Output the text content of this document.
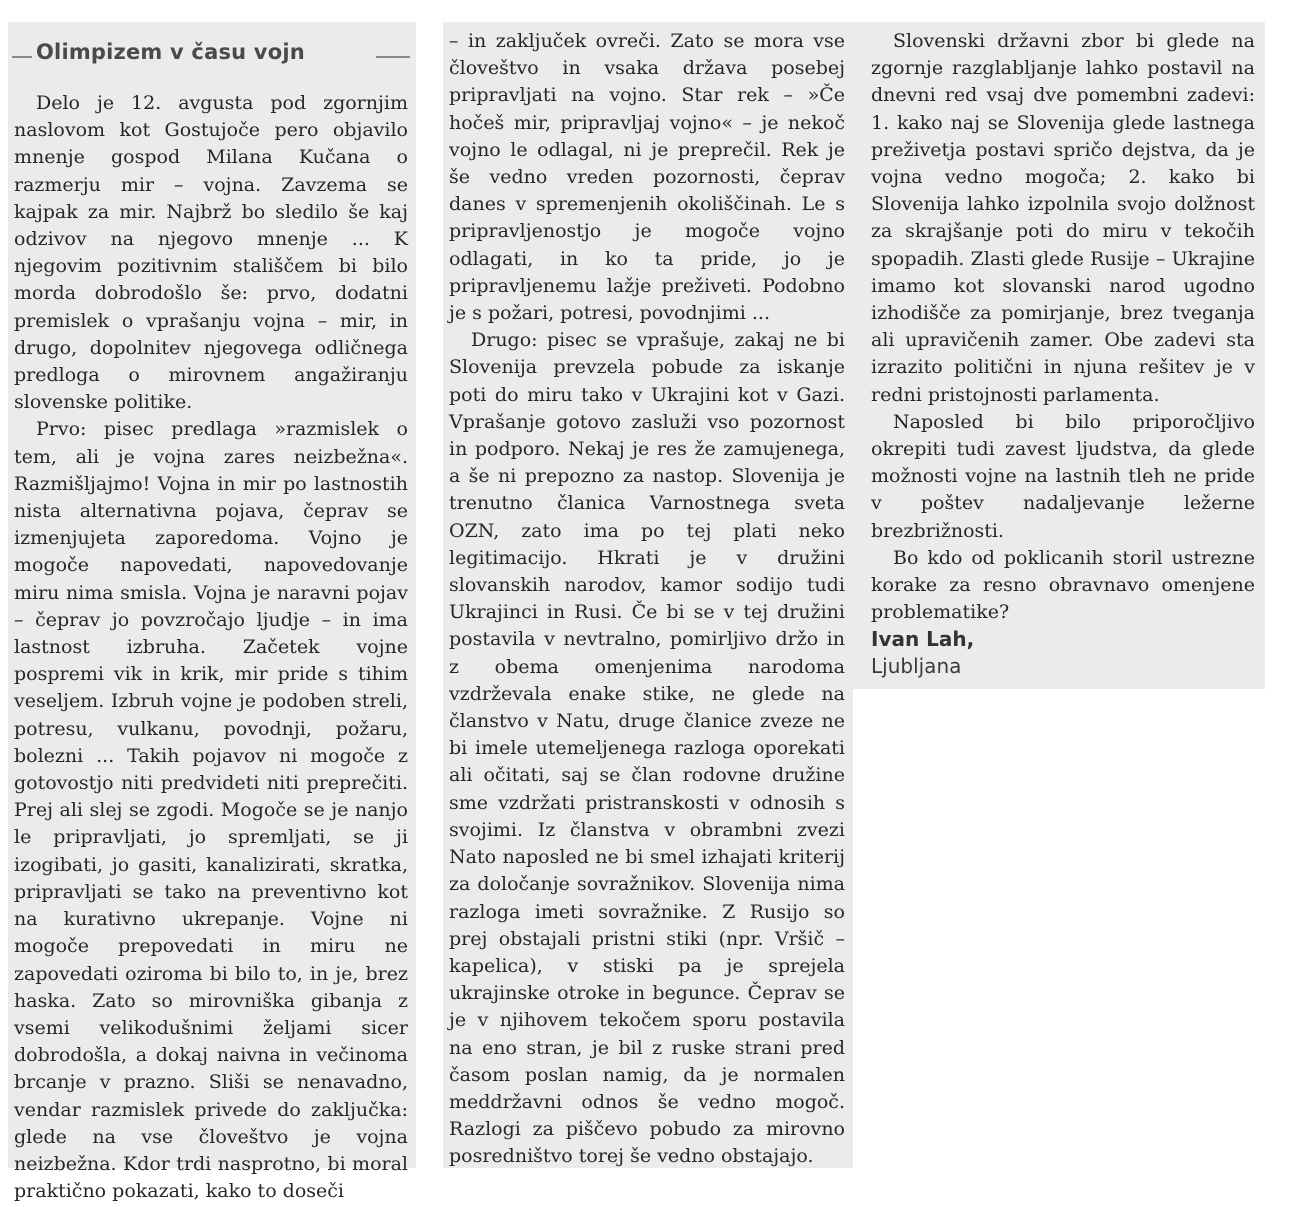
Olimpizem v času vojn

Delo je 12. avgusta pod zgornjim naslovom kot Gostujoče pero objavilo mnenje gospod Milana Kučana o razmerju mir – vojna. Zavzema se kajpak za mir. Najbrž bo sledilo še kaj odzivov na njegovo mnenje ... K njegovim pozitivnim stališčem bi bilo morda dobrodošlo še: prvo, dodatni premislek o vprašanju vojna – mir, in drugo, dopolnitev njegovega odličnega predloga o mirovnem angažiranju slovenske politike.

Prvo: pisec predlaga »razmislek o tem, ali je vojna zares neizbežna«. Razmišljajmo! Vojna in mir po lastnostih nista alternativna pojava, čeprav se izmenjujeta zaporedoma. Vojno je mogoče napovedati, napovedovanje miru nima smisla. Vojna je naravni pojav – čeprav jo povzročajo ljudje – in ima lastnost izbruha. Začetek vojne pospremi vik in krik, mir pride s tihim veseljem. Izbruh vojne je podoben streli, potresu, vulkanu, povodnji, požaru, bolezni ... Takih pojavov ni mogoče z gotovostjo niti predvideti niti preprečiti. Prej ali slej se zgodi. Mogoče se je nanjo le pripravljati, jo spremljati, se ji izogibati, jo gasiti, kanalizirati, skratka, pripravljati se tako na preventivno kot na kurativno ukrepanje. Vojne ni mogoče prepovedati in miru ne zapovedati oziroma bi bilo to, in je, brez haska. Zato so mirovniška gibanja z vsemi velikodušnimi željami sicer dobrodošla, a dokaj naivna in večinoma brcanje v prazno. Sliši se nenavadno, vendar razmislek privede do zaključka: glede na vse človeštvo je vojna neizbežna. Kdor trdi nasprotno, bi moral praktično pokazati, kako to doseči

– in zaključek ovreči. Zato se mora vse človeštvo in vsaka država posebej pripravljati na vojno. Star rek – »Če hočeš mir, pripravljaj vojno« – je nekoč vojno le odlagal, ni je preprečil. Rek je še vedno vreden pozornosti, čeprav danes v spremenjenih okoliščinah. Le s pripravljenostjo je mogoče vojno odlagati, in ko ta pride, jo je pripravljenemu lažje preživeti. Podobno je s požari, potresi, povodnjimi ...

Drugo: pisec se vprašuje, zakaj ne bi Slovenija prevzela pobude za iskanje poti do miru tako v Ukrajini kot v Gazi. Vprašanje gotovo zasluži vso pozornost in podporo. Nekaj je res že zamujenega, a še ni prepozno za nastop. Slovenija je trenutno članica Varnostnega sveta OZN, zato ima po tej plati neko legitimacijo. Hkrati je v družini slovanskih narodov, kamor sodijo tudi Ukrajinci in Rusi. Če bi se v tej družini postavila v nevtralno, pomirljivo držo in z obema omenjenima narodoma vzdrževala enake stike, ne glede na članstvo v Natu, druge članice zveze ne bi imele utemeljenega razloga oporekati ali očitati, saj se član rodovne družine sme vzdržati pristranskosti v odnosih s svojimi. Iz članstva v obrambni zvezi Nato naposled ne bi smel izhajati kriterij za določanje sovražnikov. Slovenija nima razloga imeti sovražnike. Z Rusijo so prej obstajali pristni stiki (npr. Vršič – kapelica), v stiski pa je sprejela ukrajinske otroke in begunce. Čeprav se je v njihovem tekočem sporu postavila na eno stran, je bil z ruske strani pred časom poslan namig, da je normalen meddržavni odnos še vedno mogoč. Razlogi za piščevo pobudo za mirovno posredništvo torej še vedno obstajajo.

Slovenski državni zbor bi glede na zgornje razglabljanje lahko postavil na dnevni red vsaj dve pomembni zadevi: 1. kako naj se Slovenija glede lastnega preživetja postavi spričo dejstva, da je vojna vedno mogoča; 2. kako bi Slovenija lahko izpolnila svojo dolžnost za skrajšanje poti do miru v tekočih spopadih. Zlasti glede Rusije – Ukrajine imamo kot slovanski narod ugodno izhodišče za pomirjanje, brez tveganja ali upravičenih zamer. Obe zadevi sta izrazito politični in njuna rešitev je v redni pristojnosti parlamenta.

Naposled bi bilo priporočljivo okrepiti tudi zavest ljudstva, da glede možnosti vojne na lastnih tleh ne pride v poštev nadaljevanje ležerne brezbrižnosti.

Bo kdo od poklicanih storil ustrezne korake za resno obravnavo omenjene problematike?

Ivan Lah,
Ljubljana
